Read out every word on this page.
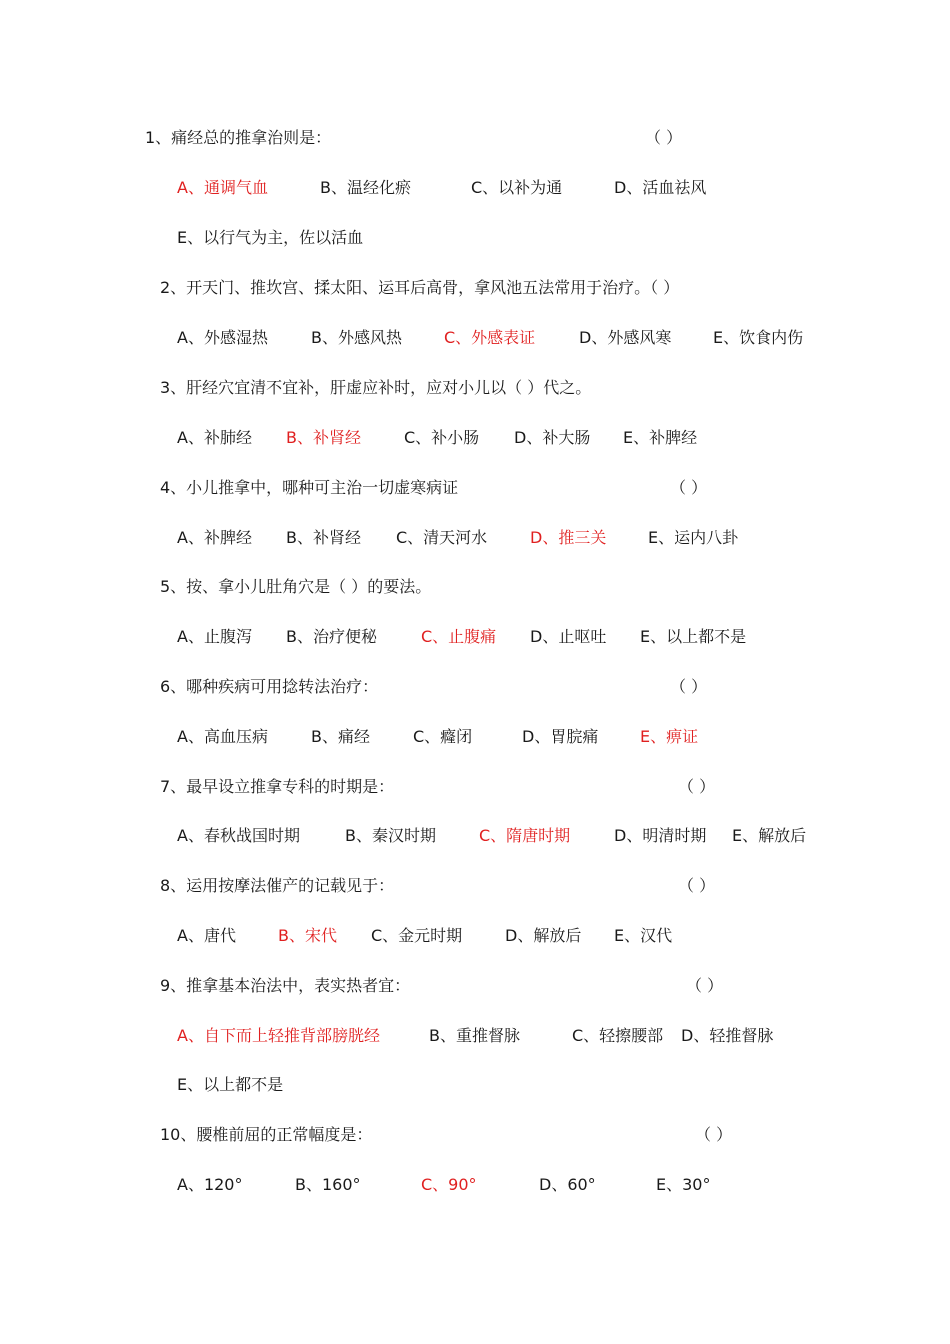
1、痛经总的推拿治则是：	（ ）
A、通调气血	B、温经化瘀	C、以补为通	D、活血祛风
E、以行气为主，佐以活血
2、开天门、推坎宫、揉太阳、运耳后高骨，拿风池五法常用于治疗。（ ）
A、外感湿热	B、外感风热	C、外感表证	D、外感风寒	E、饮食内伤
3、肝经穴宜清不宜补，肝虚应补时，应对小儿以（ ）代之。
A、补肺经 B、补肾经	C、补小肠 D、补大肠 E、补脾经
4、小儿推拿中，哪种可主治一切虚寒病证	（ ）
A、补脾经 B、补肾经 C、清天河水	D、推三关	E、运内八卦
5、按、拿小儿肚角穴是（ ）的要法。
A、止腹泻 B、治疗便秘	C、止腹痛 D、止呕吐 E、以上都不是
6、哪种疾病可用捻转法治疗：	（ ）
A、高血压病	B、痛经	C、癃闭	D、胃脘痛	E、痹证
7、最早设立推拿专科的时期是：	（ ）
A、春秋战国时期	B、秦汉时期	C、隋唐时期	D、明清时期 E、解放后
8、运用按摩法催产的记载见于：	（ ）
A、唐代	B、宋代 C、金元时期	D、解放后 E、汉代
9、推拿基本治法中，表实热者宜：	（ ）
A、自下而上轻推背部膀胱经	B、重推督脉	C、轻擦腰部 D、轻推督脉
E、以上都不是
10、腰椎前屈的正常幅度是：	（ ）
A、120°	B、160°	C、90°	D、60°	E、30°
